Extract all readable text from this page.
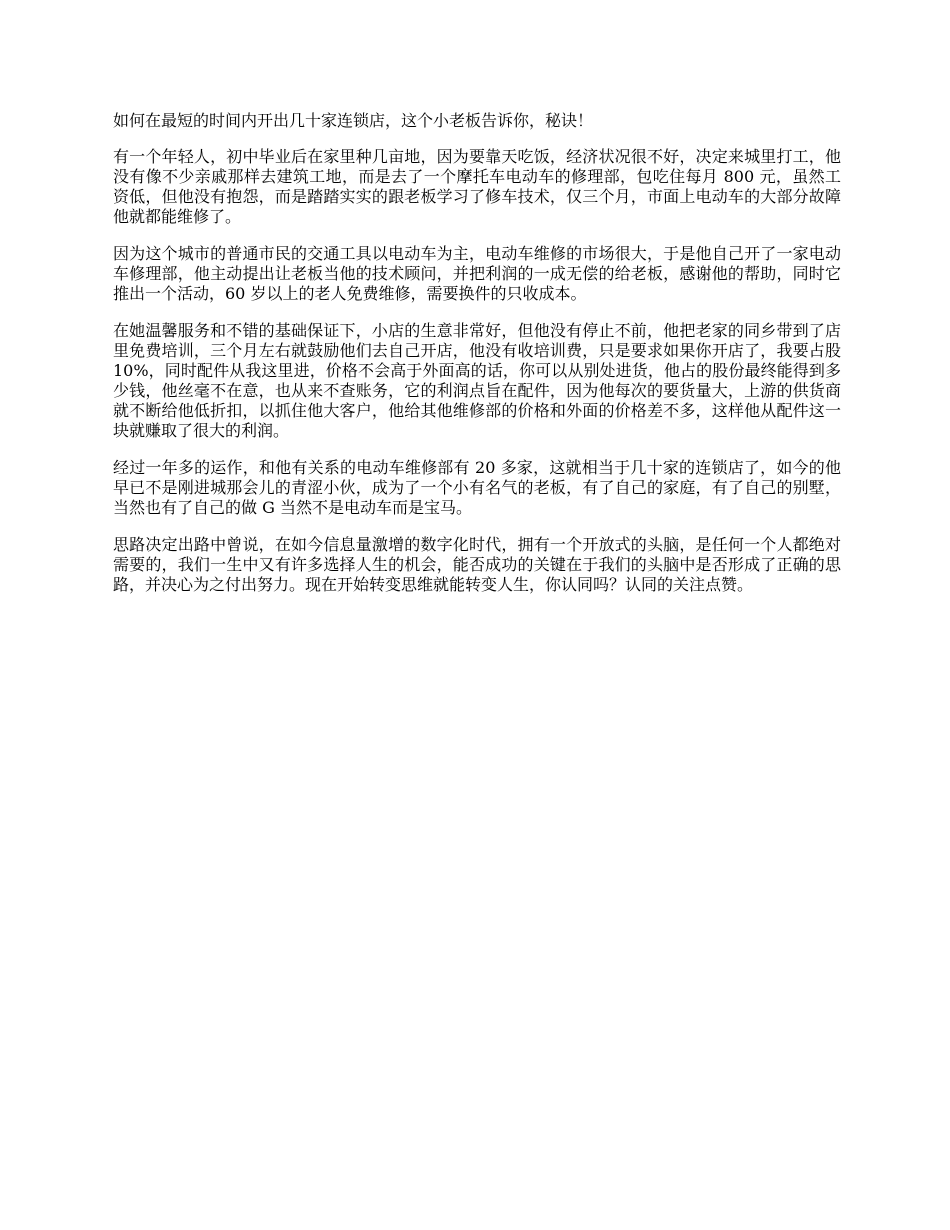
如何在最短的时间内开出几十家连锁店，这个小老板告诉你，秘诀！

有一个年轻人，初中毕业后在家里种几亩地，因为要靠天吃饭，经济状况很不好，决定来城里打工，他没有像不少亲戚那样去建筑工地，而是去了一个摩托车电动车的修理部，包吃住每月 800 元，虽然工资低，但他没有抱怨，而是踏踏实实的跟老板学习了修车技术，仅三个月，市面上电动车的大部分故障他就都能维修了。

因为这个城市的普通市民的交通工具以电动车为主，电动车维修的市场很大，于是他自己开了一家电动车修理部，他主动提出让老板当他的技术顾问，并把利润的一成无偿的给老板，感谢他的帮助，同时它推出一个活动，60 岁以上的老人免费维修，需要换件的只收成本。

在她温馨服务和不错的基础保证下，小店的生意非常好，但他没有停止不前，他把老家的同乡带到了店里免费培训，三个月左右就鼓励他们去自己开店，他没有收培训费，只是要求如果你开店了，我要占股 10%，同时配件从我这里进，价格不会高于外面高的话，你可以从别处进货，他占的股份最终能得到多少钱，他丝毫不在意，也从来不查账务，它的利润点旨在配件，因为他每次的要货量大，上游的供货商就不断给他低折扣，以抓住他大客户，他给其他维修部的价格和外面的价格差不多，这样他从配件这一块就赚取了很大的利润。

经过一年多的运作，和他有关系的电动车维修部有 20 多家，这就相当于几十家的连锁店了，如今的他早已不是刚进城那会儿的青涩小伙，成为了一个小有名气的老板，有了自己的家庭，有了自己的别墅，当然也有了自己的做 G 当然不是电动车而是宝马。

思路决定出路中曾说，在如今信息量激增的数字化时代，拥有一个开放式的头脑，是任何一个人都绝对需要的，我们一生中又有许多选择人生的机会，能否成功的关键在于我们的头脑中是否形成了正确的思路，并决心为之付出努力。现在开始转变思维就能转变人生，你认同吗？认同的关注点赞。
